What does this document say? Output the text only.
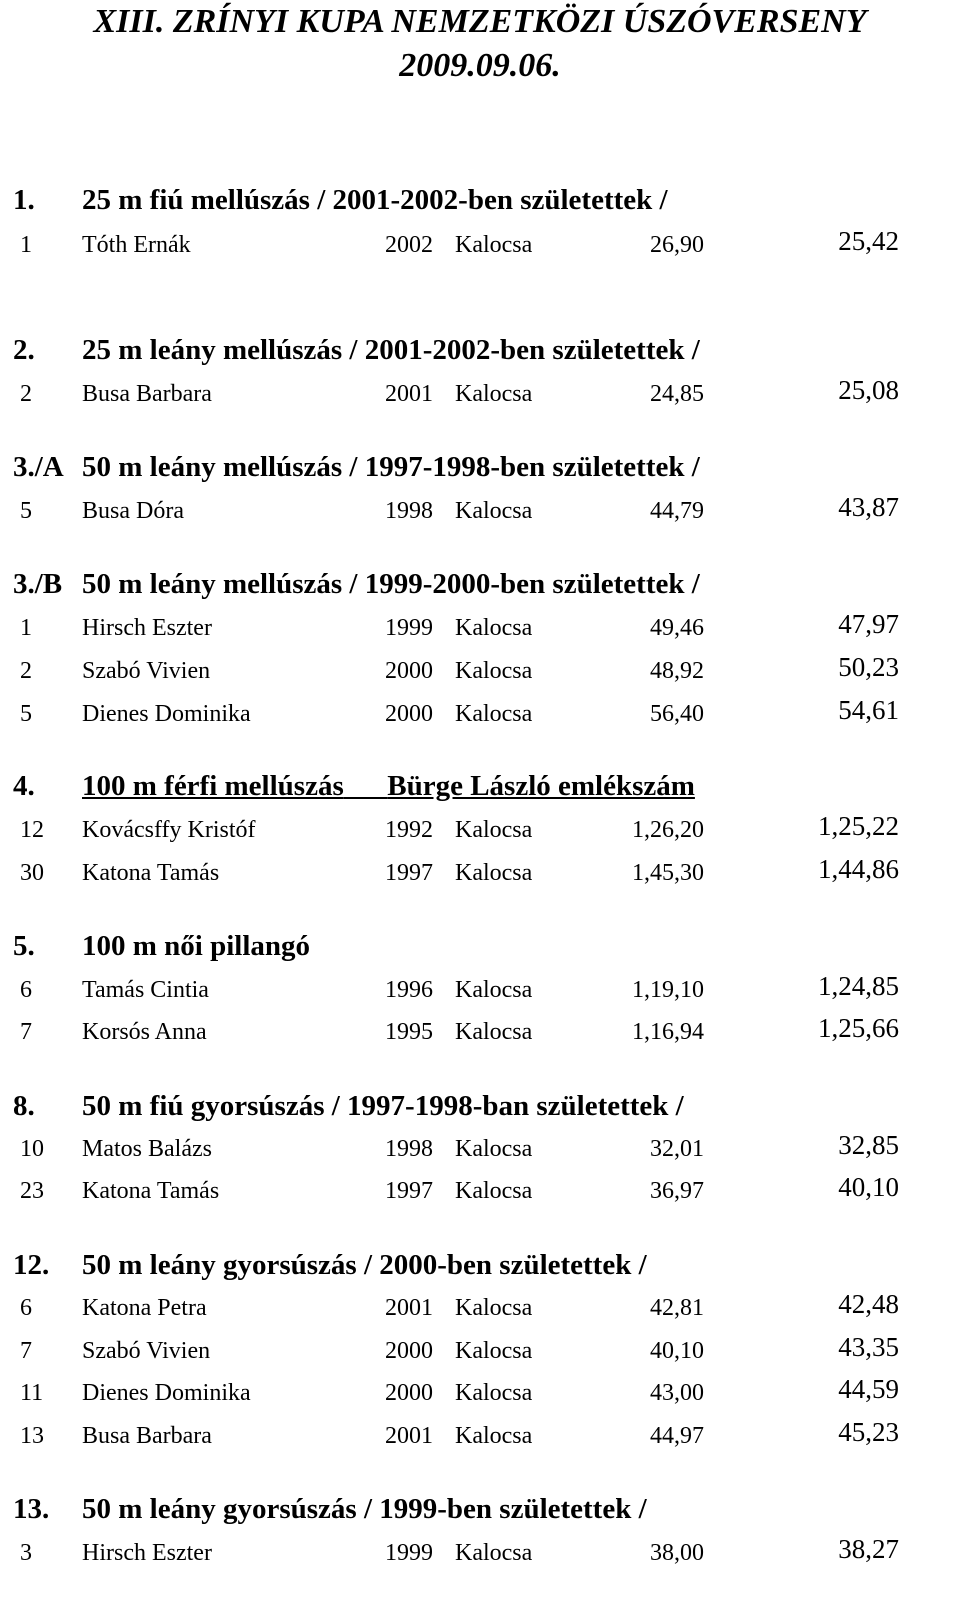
XIII. ZRÍNYI KUPA NEMZETKÖZI ÚSZÓVERSENY
2009.09.06.
1. 25 m fiú mellúszás / 2001-2002-ben születettek /
1 Tóth Ernák	2002 Kalocsa	26,90	25,42
2. 25 m leány mellúszás / 2001-2002-ben születettek /
2 Busa Barbara	2001 Kalocsa	24,85	25,08
3./A 50 m leány mellúszás / 1997-1998-ben születettek /
5 Busa Dóra	1998 Kalocsa	44,79	43,87
3./B 50 m leány mellúszás / 1999-2000-ben születettek /
1 Hirsch Eszter	1999 Kalocsa	49,46	47,97
2 Szabó Vivien	2000 Kalocsa	48,92	50,23
5 Dienes Dominika	2000 Kalocsa	56,40	54,61
4. 100 m férfi mellúszás Bürge László emlékszám
12 Kovácsffy Kristóf	1992 Kalocsa	1,26,20	1,25,22
30 Katona Tamás	1997 Kalocsa	1,45,30	1,44,86
5. 100 m női pillangó
6 Tamás Cintia	1996 Kalocsa	1,19,10	1,24,85
7 Korsós Anna	1995 Kalocsa	1,16,94	1,25,66
8. 50 m fiú gyorsúszás / 1997-1998-ban születettek /
10 Matos Balázs	1998 Kalocsa	32,01	32,85
23 Katona Tamás	1997 Kalocsa	36,97	40,10
12. 50 m leány gyorsúszás / 2000-ben születettek /
6 Katona Petra	2001 Kalocsa	42,81	42,48
7 Szabó Vivien	2000 Kalocsa	40,10	43,35
11 Dienes Dominika	2000 Kalocsa	43,00	44,59
13 Busa Barbara	2001 Kalocsa	44,97	45,23
13. 50 m leány gyorsúszás / 1999-ben születettek /
3 Hirsch Eszter	1999 Kalocsa	38,00	38,27
